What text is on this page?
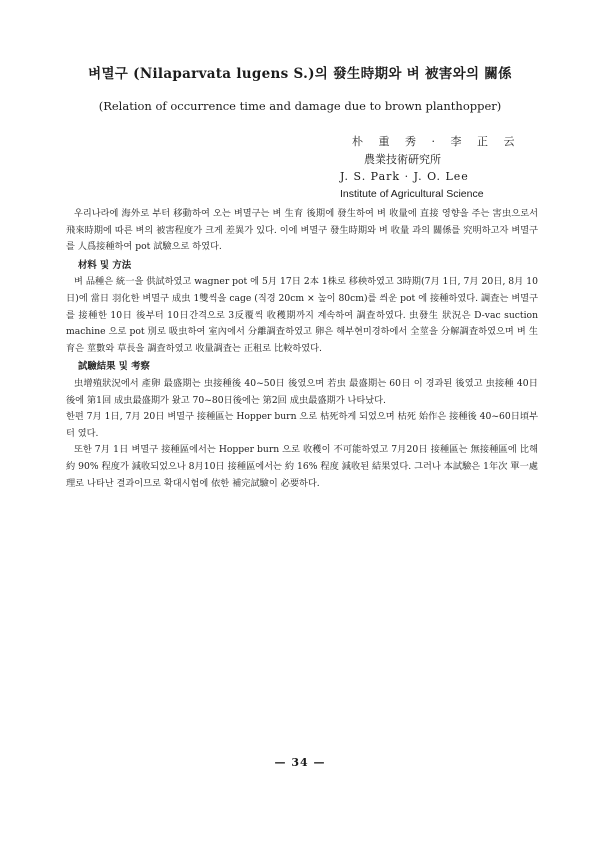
벼멸구 (Nilaparvata lugens S.)의 發生時期와 벼 被害와의 關係
(Relation of occurrence time and damage due to brown planthopper)
朴 重 秀 · 李 正 云
農業技術硏究所
J. S. Park · J. O. Lee
Institute of Agricultural Science

우리나라에 海外로 부터 移動하여 오는 벼멸구는 벼 生育 後期에 發生하여 벼 收量에 直接 영향을 주는 害虫으로서 飛來時期에 따른 벼의 被害程度가 크게 差異가 있다. 이에 벼멸구 發生時期와 벼 收量 과의 關係를 究明하고자 벼멸구를 人爲接種하여 pot 試驗으로 하였다.

材料 및 方法

벼 品種은 統一을 供試하였고 wagner pot 에 5月 17日 2本 1株로 移秧하였고 3時期(7月 1日, 7月 20日, 8月 10日)에 當日 羽化한 벼멸구 成虫 1雙씩을 cage (직경 20cm × 높이 80cm)를 씌운 pot 에 接種하였다. 調査는 벼멸구를 接種한 10日 後부터 10日간격으로 3反覆씩 收穫期까지 계속하여 調査하였다. 虫發生 狀況은 D-vac suction machine 으로 pot 別로 吸虫하여 室內에서 分離調査하였고 卵은 해부현미경하에서 全莖을 分解調査하였으며 벼 生育은 莖數와 草長을 調査하였고 收量調査는 正租로 比較하였다.

試驗結果 및 考察

虫增殖狀況에서 產卵 最盛期는 虫接種後 40~50日 後였으며 若虫 最盛期는 60日 이 경과된 後였고 虫接種 40日後에 第1回 成虫最盛期가 왔고 70~80日後에는 第2回 成虫最盛期가 나타났다.

한편 7月 1日, 7月 20日 벼멸구 接種區는 Hopper burn 으로 枯死하게 되었으며 枯死 始作은 接種後 40~60日頃부터 였다.

또한 7月 1日 벼멸구 接種區에서는 Hopper burn 으로 收穫이 不可能하였고 7月20日 接種區는 無接種區에 比해 約 90% 程度가 減收되었으나 8月10日 接種區에서는 約 16% 程度 減收된 結果였다. 그러나 本試驗은 1年次 單一處理로 나타난 결과이므로 확대시험에 依한 補完試驗이 必要하다.

— 34 —
